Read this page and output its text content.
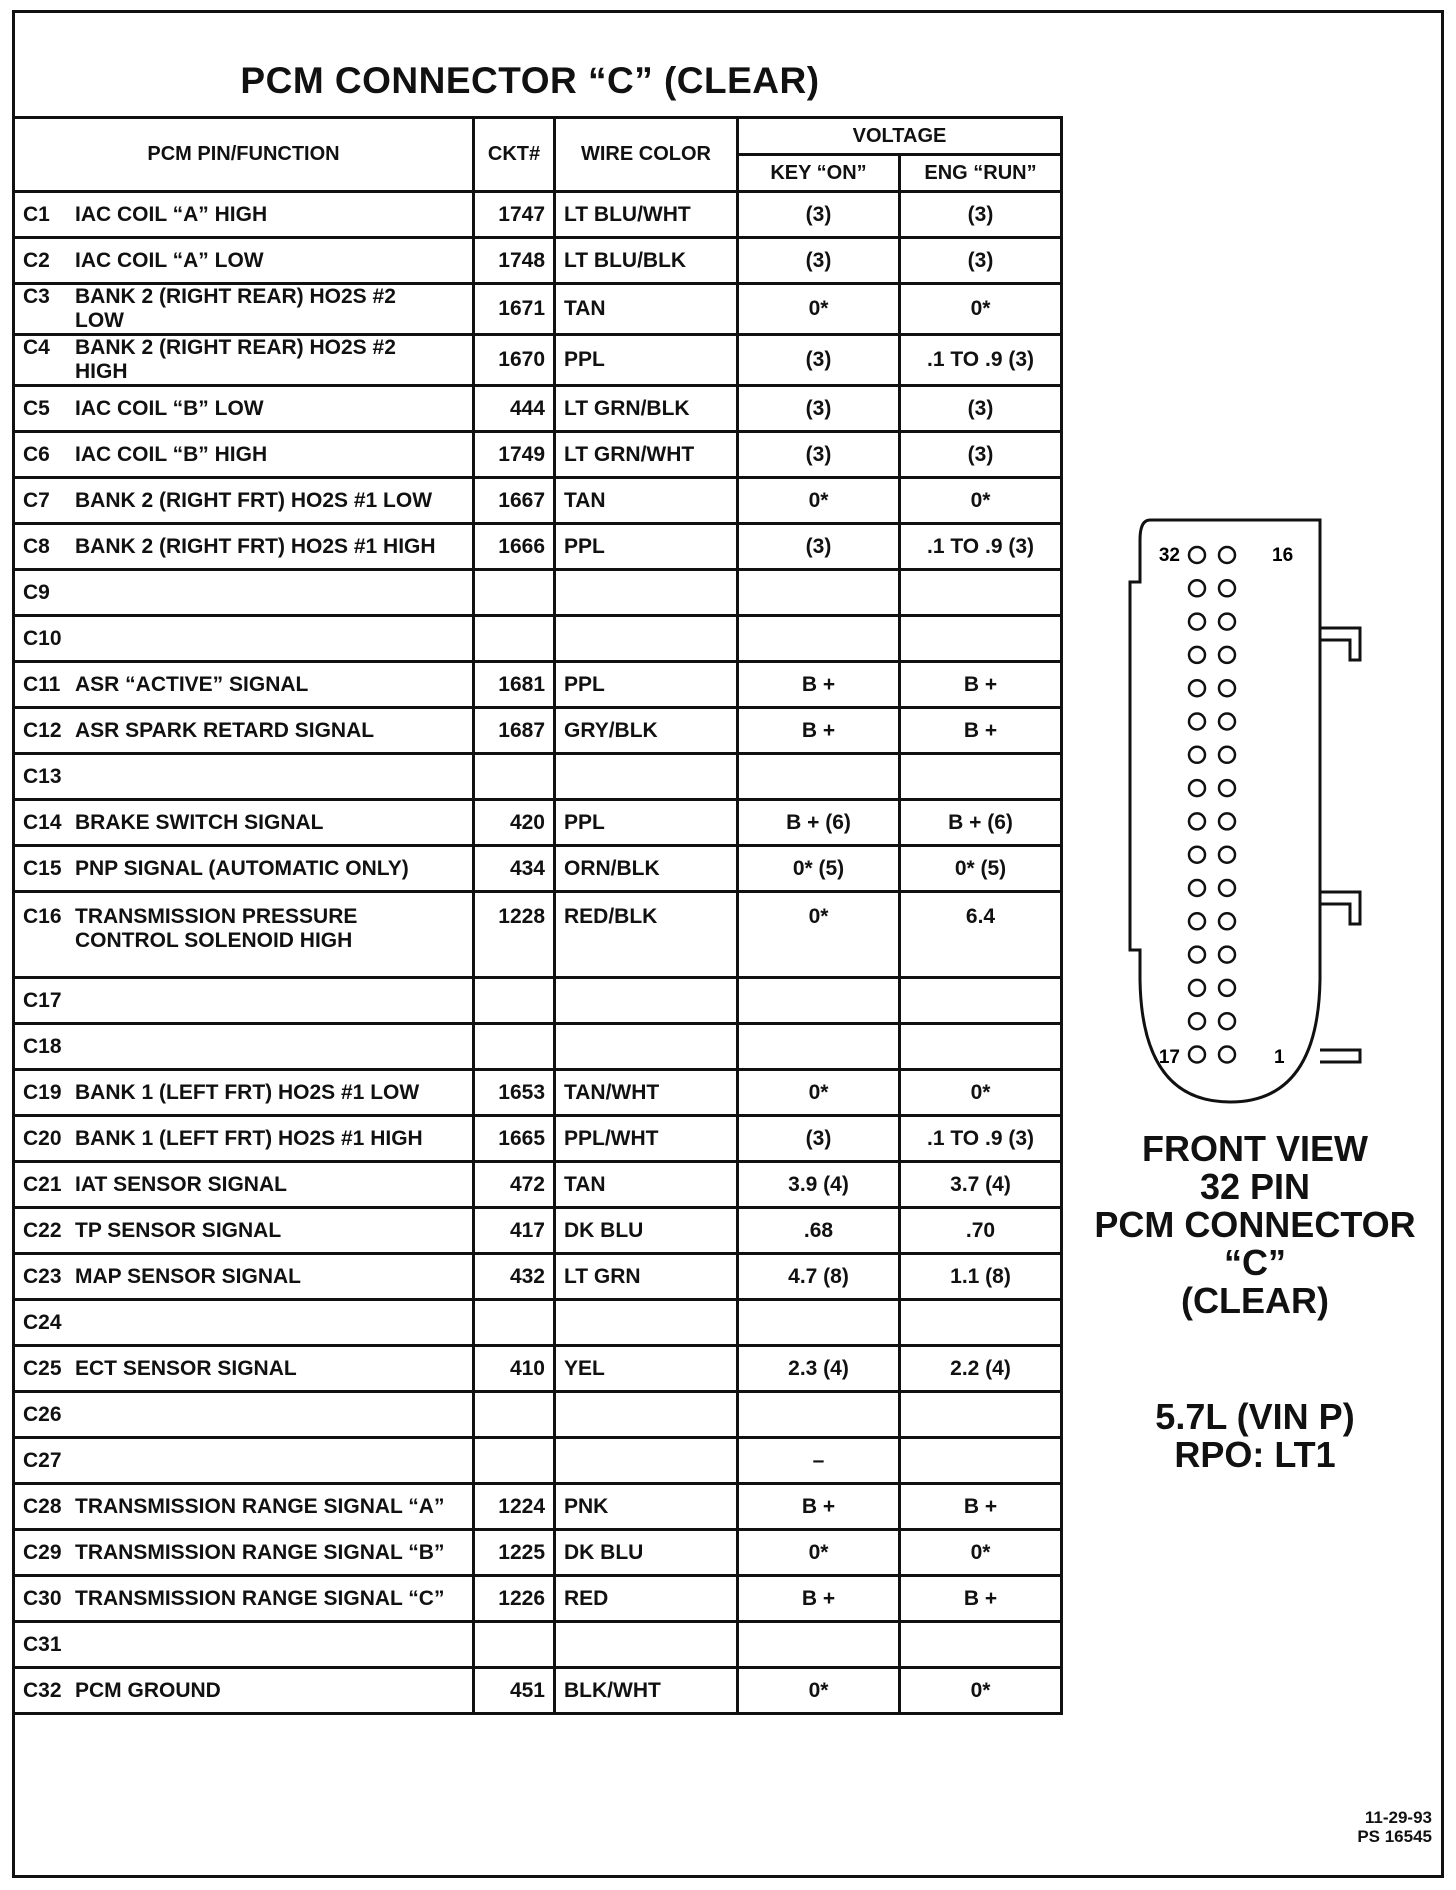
PCM CONNECTOR “C” (CLEAR)
PCM PIN/FUNCTION	CKT#	WIRE COLOR	VOLTAGE	
			KEY “ON”	ENG “RUN”
C1 IAC COIL “A” HIGH	1747	LT BLU/WHT	(3)	(3)
C2 IAC COIL “A” LOW	1748	LT BLU/BLK	(3)	(3)
C3 BANK 2 (RIGHT REAR) HO2S #2 LOW	1671	TAN	0*	0*
C4 BANK 2 (RIGHT REAR) HO2S #2 HIGH	1670	PPL	(3)	.1 TO .9 (3)
C5 IAC COIL “B” LOW	444	LT GRN/BLK	(3)	(3)
C6 IAC COIL “B” HIGH	1749	LT GRN/WHT	(3)	(3)
C7 BANK 2 (RIGHT FRT) HO2S #1 LOW	1667	TAN	0*	0*
C8 BANK 2 (RIGHT FRT) HO2S #1 HIGH	1666	PPL	(3)	.1 TO .9 (3)
C9				
C10				
C11 ASR “ACTIVE” SIGNAL	1681	PPL	B +	B +
C12 ASR SPARK RETARD SIGNAL	1687	GRY/BLK	B +	B +
C13				
C14 BRAKE SWITCH SIGNAL	420	PPL	B + (6)	B + (6)
C15 PNP SIGNAL (AUTOMATIC ONLY)	434	ORN/BLK	0* (5)	0* (5)
C16 TRANSMISSION PRESSURE CONTROL SOLENOID HIGH	1228	RED/BLK	0*	6.4
C17				
C18				
C19 BANK 1 (LEFT FRT) HO2S #1 LOW	1653	TAN/WHT	0*	0*
C20 BANK 1 (LEFT FRT) HO2S #1 HIGH	1665	PPL/WHT	(3)	.1 TO .9 (3)
C21 IAT SENSOR SIGNAL	472	TAN	3.9 (4)	3.7 (4)
C22 TP SENSOR SIGNAL	417	DK BLU	.68	.70
C23 MAP SENSOR SIGNAL	432	LT GRN	4.7 (8)	1.1 (8)
C24				
C25 ECT SENSOR SIGNAL	410	YEL	2.3 (4)	2.2 (4)
C26				
C27			–	
C28 TRANSMISSION RANGE SIGNAL “A”	1224	PNK	B +	B +
C29 TRANSMISSION RANGE SIGNAL “B”	1225	DK BLU	0*	0*
C30 TRANSMISSION RANGE SIGNAL “C”	1226	RED	B +	B +
C31				
C32 PCM GROUND	451	BLK/WHT	0*	0*
32	16
17	1
FRONT VIEW
32 PIN
PCM CONNECTOR
“C”
(CLEAR)
5.7L (VIN P)
RPO: LT1
11-29-93
PS 16545
